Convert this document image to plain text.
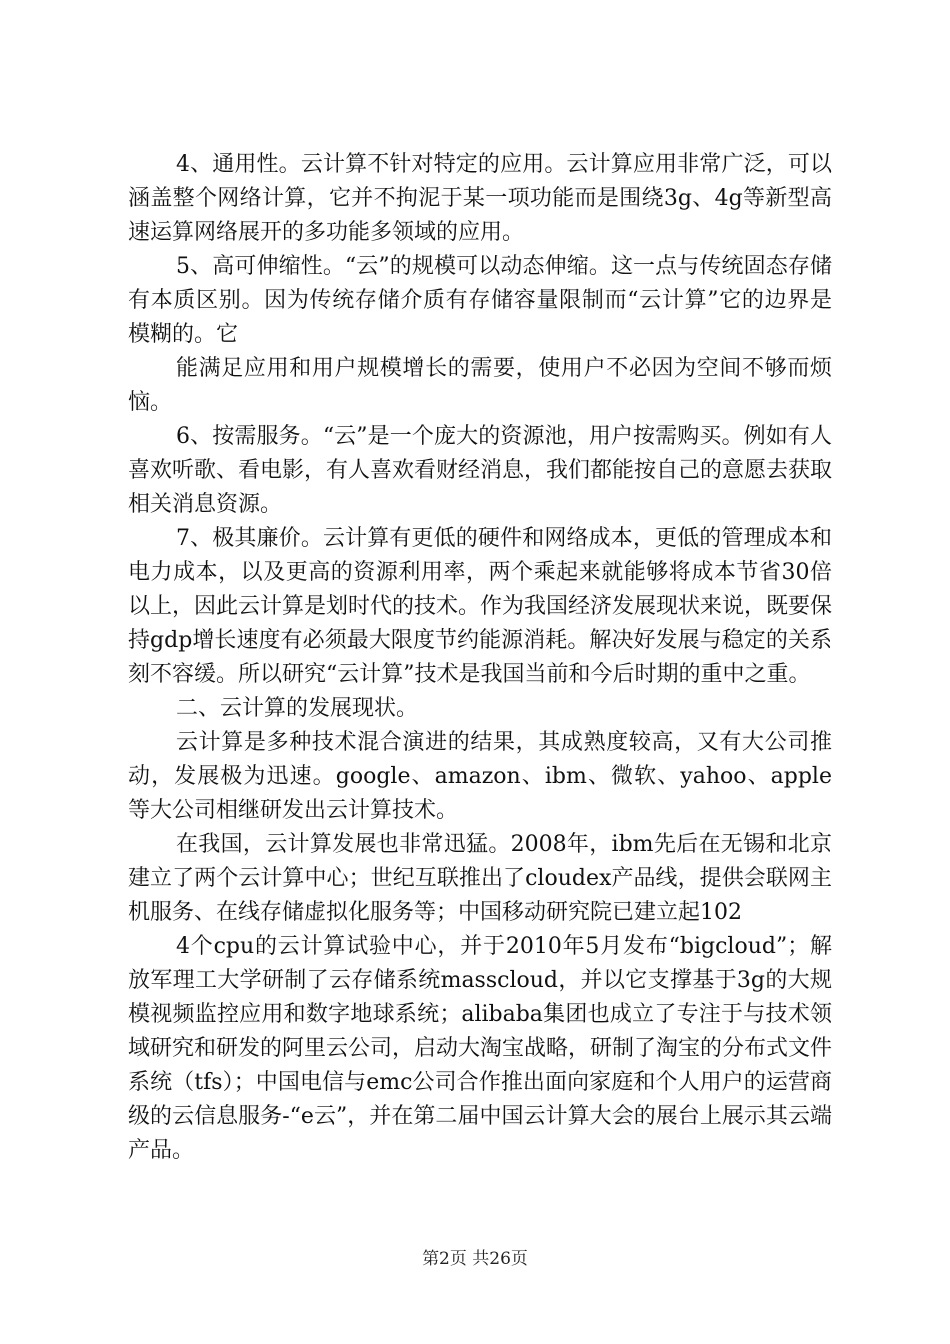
4、通用性。云计算不针对特定的应用。云计算应用非常广泛，可以涵盖整个网络计算，它并不拘泥于某一项功能而是围绕3g、4g等新型高速运算网络展开的多功能多领域的应用。

5、高可伸缩性。“云”的规模可以动态伸缩。这一点与传统固态存储有本质区别。因为传统存储介质有存储容量限制而“云计算”它的边界是模糊的。它

能满足应用和用户规模增长的需要，使用户不必因为空间不够而烦恼。

6、按需服务。“云”是一个庞大的资源池，用户按需购买。例如有人喜欢听歌、看电影，有人喜欢看财经消息，我们都能按自己的意愿去获取相关消息资源。

7、极其廉价。云计算有更低的硬件和网络成本，更低的管理成本和电力成本，以及更高的资源利用率，两个乘起来就能够将成本节省30倍以上，因此云计算是划时代的技术。作为我国经济发展现状来说，既要保持gdp增长速度有必须最大限度节约能源消耗。解决好发展与稳定的关系刻不容缓。所以研究“云计算”技术是我国当前和今后时期的重中之重。

二、云计算的发展现状。

云计算是多种技术混合演进的结果，其成熟度较高，又有大公司推动，发展极为迅速。google、amazon、ibm、微软、yahoo、apple等大公司相继研发出云计算技术。

在我国，云计算发展也非常迅猛。2008年，ibm先后在无锡和北京建立了两个云计算中心；世纪互联推出了cloudex产品线，提供会联网主机服务、在线存储虚拟化服务等；中国移动研究院已建立起102

4个cpu的云计算试验中心，并于2010年5月发布“bigcloud”；解放军理工大学研制了云存储系统masscloud，并以它支撑基于3g的大规模视频监控应用和数字地球系统；alibaba集团也成立了专注于与技术领域研究和研发的阿里云公司，启动大淘宝战略，研制了淘宝的分布式文件系统（tfs）；中国电信与emc公司合作推出面向家庭和个人用户的运营商级的云信息服务-“e云”，并在第二届中国云计算大会的展台上展示其云端产品。

第2页 共26页
